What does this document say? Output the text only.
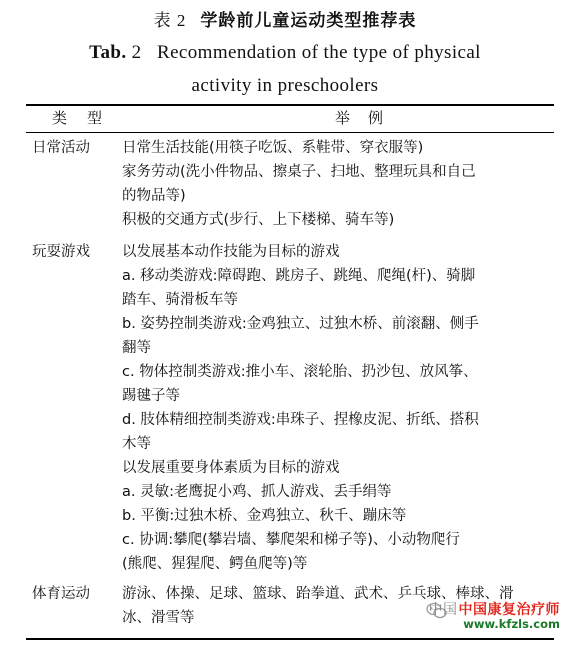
表 2 学龄前儿童运动类型推荐表
Tab. 2 Recommendation of the type of physical
activity in preschoolers
类型	举例
日常活动 日常生活技能(用筷子吃饭、系鞋带、穿衣服等)
家务劳动(洗小件物品、擦桌子、扫地、整理玩具和自己
的物品等)
积极的交通方式(步行、上下楼梯、骑车等)
玩耍游戏 以发展基本动作技能为目标的游戏
a. 移动类游戏:障碍跑、跳房子、跳绳、爬绳(杆)、骑脚
踏车、骑滑板车等
b. 姿势控制类游戏:金鸡独立、过独木桥、前滚翻、侧手
翻等
c. 物体控制类游戏:推小车、滚轮胎、扔沙包、放风筝、
踢毽子等
d. 肢体精细控制类游戏:串珠子、捏橡皮泥、折纸、搭积
木等
以发展重要身体素质为目标的游戏
a. 灵敏:老鹰捉小鸡、抓人游戏、丢手绢等
b. 平衡:过独木桥、金鸡独立、秋千、蹦床等
c. 协调:攀爬(攀岩墙、攀爬架和梯子等)、小动物爬行
(熊爬、猩猩爬、鳄鱼爬等)等
体育运动 游泳、体操、足球、篮球、跆拳道、武术、乒乓球、棒球、滑
冰、滑雪等	中国中国康复治疗师
www.kfzls.com
